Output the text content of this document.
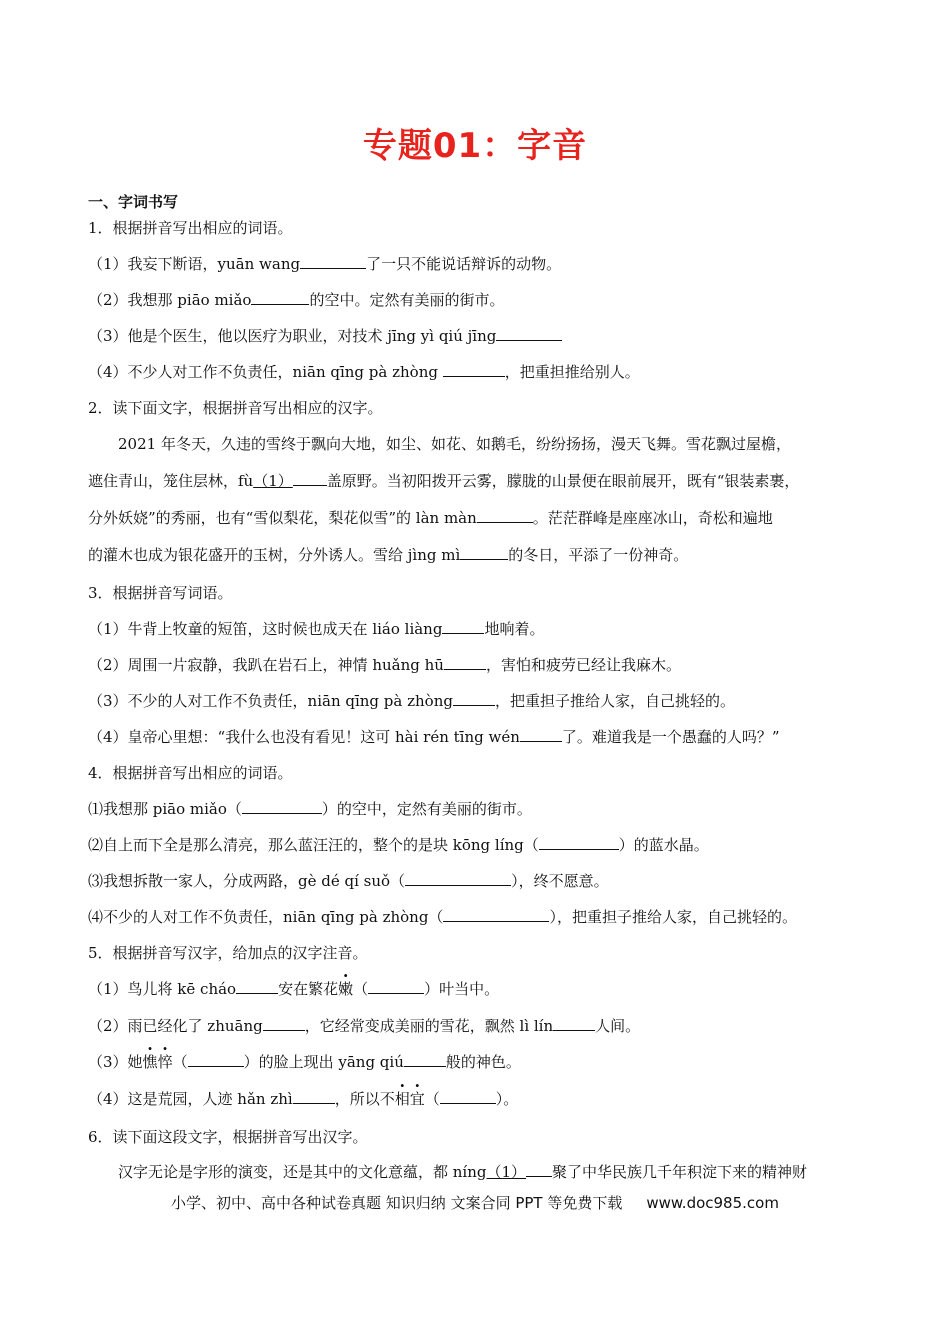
专题01：字音
一、字词书写
1．根据拼音写出相应的词语。
（1）我妄下断语，yuān wang	了一只不能说话辩诉的动物。
（2）我想那 piāo miǎo	的空中。定然有美丽的街市。
（3）他是个医生，他以医疗为职业，对技术 jīng yì qiú jīng
（4）不少人对工作不负责任，niān qīng pà zhòng	，把重担推给别人。
2．读下面文字，根据拼音写出相应的汉字。
2021 年冬天，久违的雪终于飘向大地，如尘、如花、如鹅毛，纷纷扬扬，漫天飞舞。雪花飘过屋檐，
遮住青山，笼住层林，fù（1） 盖原野。当初阳拨开云雾，朦胧的山景便在眼前展开，既有“银装素裹，
分外妖娆”的秀丽，也有“雪似梨花，梨花似雪”的 làn màn	。茫茫群峰是座座冰山，奇松和遍地
的灌木也成为银花盛开的玉树，分外诱人。雪给 jìng mì	的冬日，平添了一份神奇。
3．根据拼音写词语。
（1）牛背上牧童的短笛，这时候也成天在 liáo liàng	地响着。
（2）周围一片寂静，我趴在岩石上，神情 huǎng hū	，害怕和疲劳已经让我麻木。
（3）不少的人对工作不负责任，niān qīng pà zhòng	，把重担子推给人家，自己挑轻的。
（4）皇帝心里想：“我什么也没有看见！这可 hài rén tīng wén	了。难道我是一个愚蠢的人吗？”
4．根据拼音写出相应的词语。
⑴我想那 piāo miǎo（	）的空中，定然有美丽的街市。
⑵自上而下全是那么清亮，那么蓝汪汪的，整个的是块 kōng líng（	）的蓝水晶。
⑶我想拆散一家人，分成两路，gè dé qí suǒ（	），终不愿意。
⑷不少的人对工作不负责任，niān qīng pà zhòng（	），把重担子推给人家，自己挑轻的。
5．根据拼音写汉字，给加点的汉字注音。
（1）鸟儿将 kē cháo	安在繁花嫩（	）叶当中。
（2）雨已经化了 zhuāng	，它经常变成美丽的雪花，飘然 lì lín	人间。
（3）她憔悴（	）的脸上现出 yāng qiú	般的神色。
（4）这是荒园，人迹 hǎn zhì	，所以不相宜（	）。
6．读下面这段文字，根据拼音写出汉字。
汉字无论是字形的演变，还是其中的文化意蕴，都 níng（1） 聚了中华民族几千年积淀下来的精神财
小学、初中、高中各种试卷真题 知识归纳 文案合同 PPT 等免费下载 www.doc985.com
